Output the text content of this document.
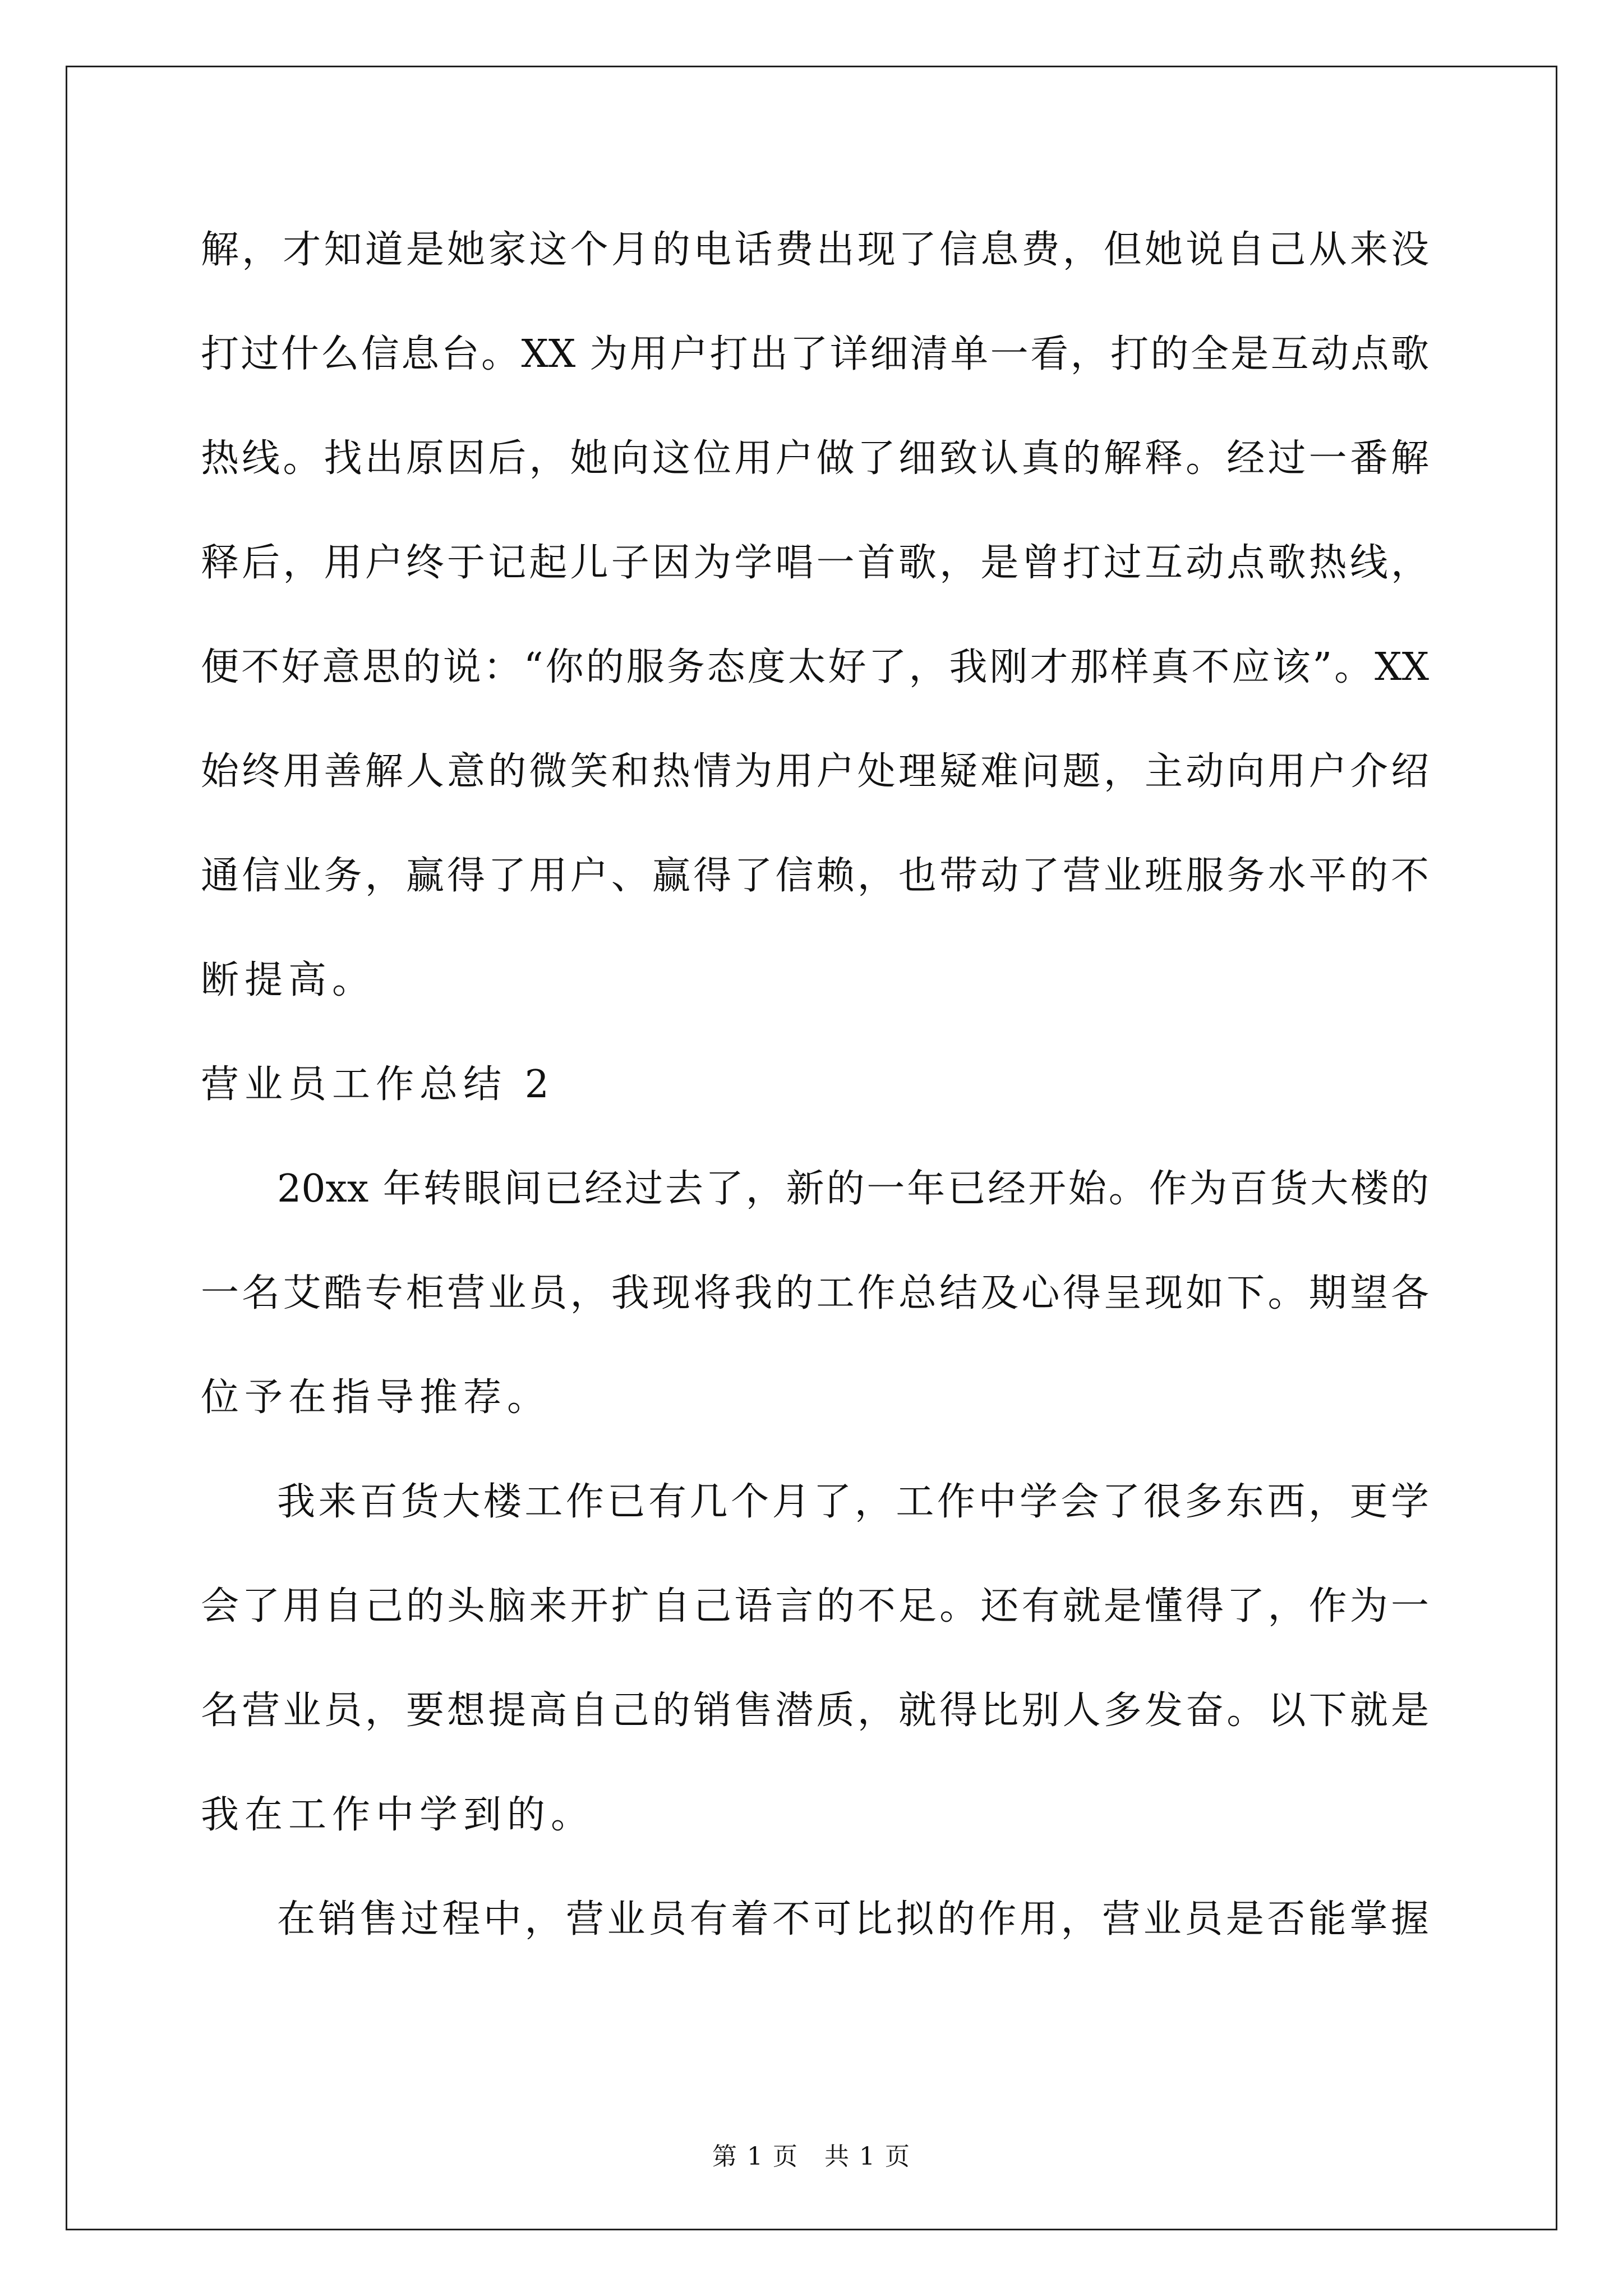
解，才知道是她家这个月的电话费出现了信息费，但她说自己从来没
打过什么信息台。XX 为用户打出了详细清单一看，打的全是互动点歌
热线。找出原因后，她向这位用户做了细致认真的解释。经过一番解
释后，用户终于记起儿子因为学唱一首歌，是曾打过互动点歌热线，
便不好意思的说：“你的服务态度太好了，我刚才那样真不应该”。XX
始终用善解人意的微笑和热情为用户处理疑难问题，主动向用户介绍
通信业务，赢得了用户、赢得了信赖，也带动了营业班服务水平的不
断提高。
营业员工作总结 2
20xx 年转眼间已经过去了，新的一年已经开始。作为百货大楼的
一名艾酷专柜营业员，我现将我的工作总结及心得呈现如下。期望各
位予在指导推荐。
我来百货大楼工作已有几个月了，工作中学会了很多东西，更学
会了用自己的头脑来开扩自己语言的不足。还有就是懂得了，作为一
名营业员，要想提高自己的销售潜质，就得比别人多发奋。以下就是
我在工作中学到的。
在销售过程中，营业员有着不可比拟的作用，营业员是否能掌握
第 1 页　共 1 页
